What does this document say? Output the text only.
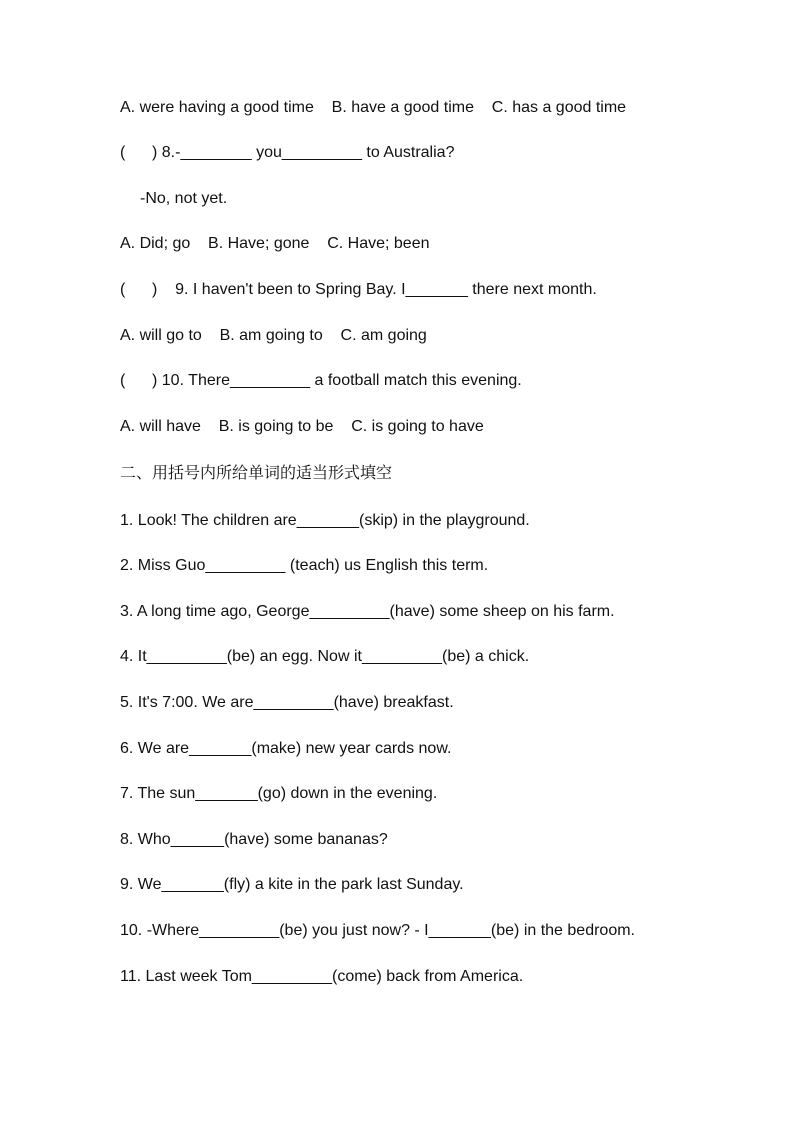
A. were having a good time    B. have a good time    C. has a good time
(      ) 8.-________ you_________ to Australia?
-No, not yet.
A. Did; go    B. Have; gone    C. Have; been
(      )    9. I haven't been to Spring Bay. I_______ there next month.
A. will go to    B. am going to    C. am going
(      ) 10. There_________ a football match this evening.
A. will have    B. is going to be    C. is going to have
二、用括号内所给单词的适当形式填空
1. Look! The children are_______(skip) in the playground.
2. Miss Guo_________ (teach) us English this term.
3. A long time ago, George_________(have) some sheep on his farm.
4. It_________(be) an egg. Now it_________(be) a chick.
5. It's 7:00. We are_________(have) breakfast.
6. We are_______(make) new year cards now.
7. The sun_______(go) down in the evening.
8. Who______(have) some bananas?
9. We_______(fly) a kite in the park last Sunday.
10. -Where_________(be) you just now? - I_______(be) in the bedroom.
11. Last week Tom_________(come) back from America.
